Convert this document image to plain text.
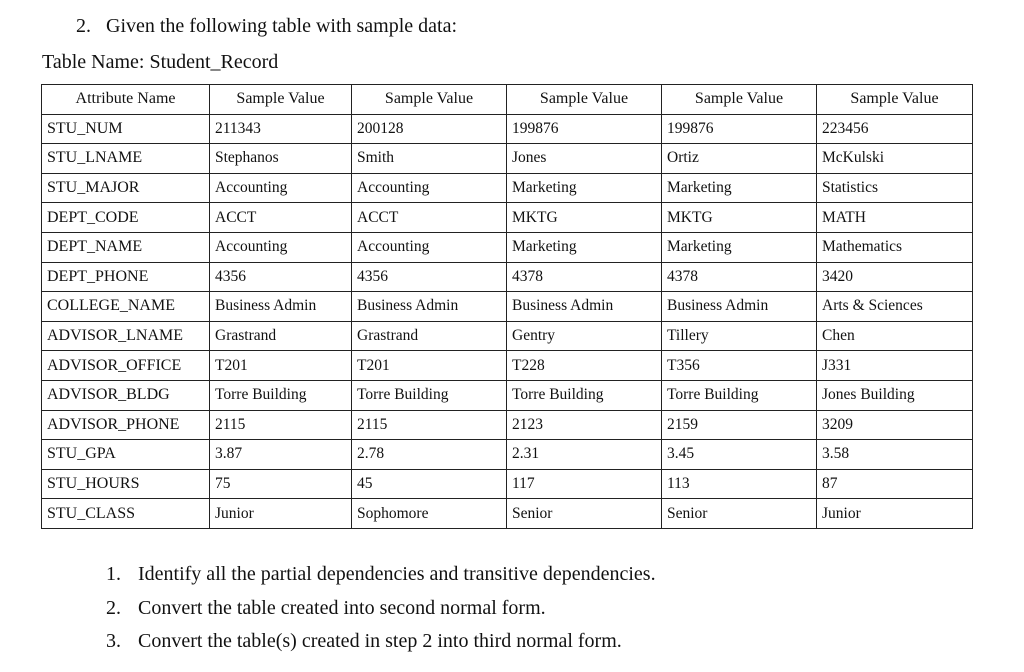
2. Given the following table with sample data:
Table Name: Student_Record
Attribute Name	Sample Value	Sample Value	Sample Value	Sample Value	Sample Value
STU_NUM	211343	200128	199876	199876	223456
STU_LNAME	Stephanos	Smith	Jones	Ortiz	McKulski
STU_MAJOR	Accounting	Accounting	Marketing	Marketing	Statistics
DEPT_CODE	ACCT	ACCT	MKTG	MKTG	MATH
DEPT_NAME	Accounting	Accounting	Marketing	Marketing	Mathematics
DEPT_PHONE	4356	4356	4378	4378	3420
COLLEGE_NAME	Business Admin	Business Admin	Business Admin	Business Admin	Arts & Sciences
ADVISOR_LNAME	Grastrand	Grastrand	Gentry	Tillery	Chen
ADVISOR_OFFICE	T201	T201	T228	T356	J331
ADVISOR_BLDG	Torre Building	Torre Building	Torre Building	Torre Building	Jones Building
ADVISOR_PHONE	2115	2115	2123	2159	3209
STU_GPA	3.87	2.78	2.31	3.45	3.58
STU_HOURS	75	45	117	113	87
STU_CLASS	Junior	Sophomore	Senior	Senior	Junior
1. Identify all the partial dependencies and transitive dependencies.
2. Convert the table created into second normal form.
3. Convert the table(s) created in step 2 into third normal form.
